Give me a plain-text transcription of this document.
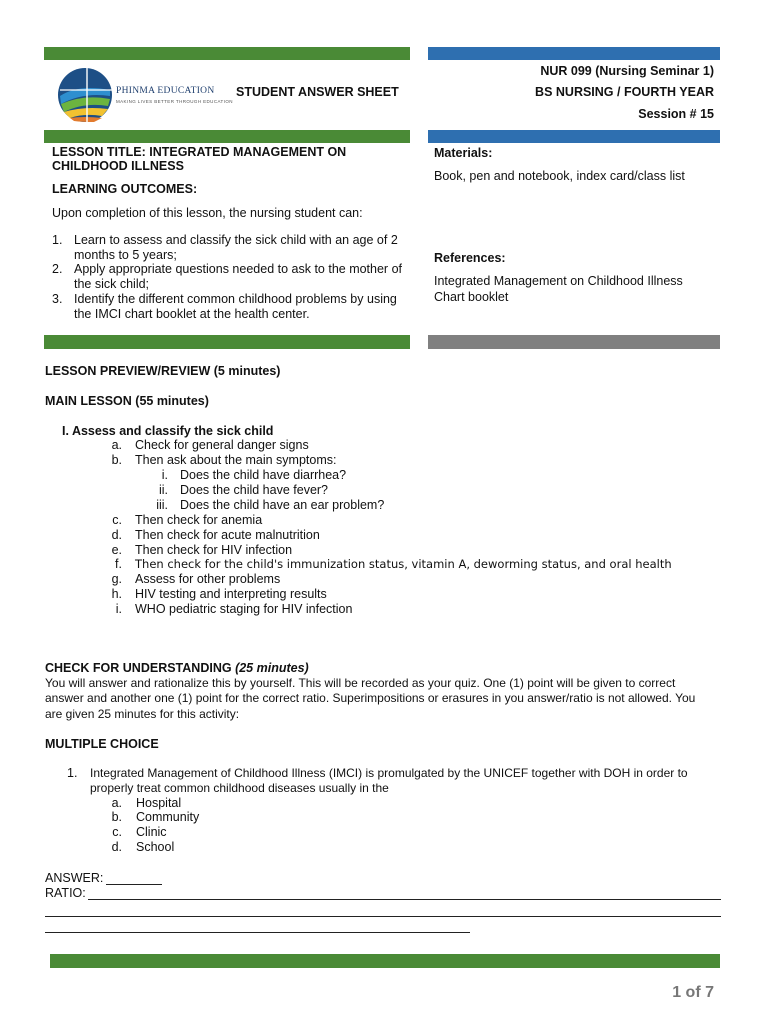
PHINMA EDUCATION
MAKING LIVES BETTER THROUGH EDUCATION
STUDENT ANSWER SHEET
NUR 099 (Nursing Seminar 1)
BS NURSING / FOURTH YEAR
Session # 15
LESSON TITLE: INTEGRATED MANAGEMENT ON
CHILDHOOD ILLNESS
LEARNING OUTCOMES:
Upon completion of this lesson, the nursing student can:
1. Learn to assess and classify the sick child with an age of 2
months to 5 years;
2. Apply appropriate questions needed to ask to the mother of
the sick child;
3. Identify the different common childhood problems by using
the IMCI chart booklet at the health center.
Materials:
Book, pen and notebook, index card/class list
References:
Integrated Management on Childhood Illness
Chart booklet
LESSON PREVIEW/REVIEW (5 minutes)
MAIN LESSON (55 minutes)
I. Assess and classify the sick child
a. Check for general danger signs
b. Then ask about the main symptoms:
i. Does the child have diarrhea?
ii. Does the child have fever?
iii. Does the child have an ear problem?
c. Then check for anemia
d. Then check for acute malnutrition
e. Then check for HIV infection
f. Then check for the child's immunization status, vitamin A, deworming status, and oral health
g. Assess for other problems
h. HIV testing and interpreting results
i. WHO pediatric staging for HIV infection
CHECK FOR UNDERSTANDING (25 minutes)
You will answer and rationalize this by yourself. This will be recorded as your quiz. One (1) point will be given to correct
answer and another one (1) point for the correct ratio. Superimpositions or erasures in you answer/ratio is not allowed. You
are given 25 minutes for this activity:
MULTIPLE CHOICE
1. Integrated Management of Childhood Illness (IMCI) is promulgated by the UNICEF together with DOH in order to
properly treat common childhood diseases usually in the
a. Hospital
b. Community
c. Clinic
d. School
ANSWER:
RATIO:
1 of 7
